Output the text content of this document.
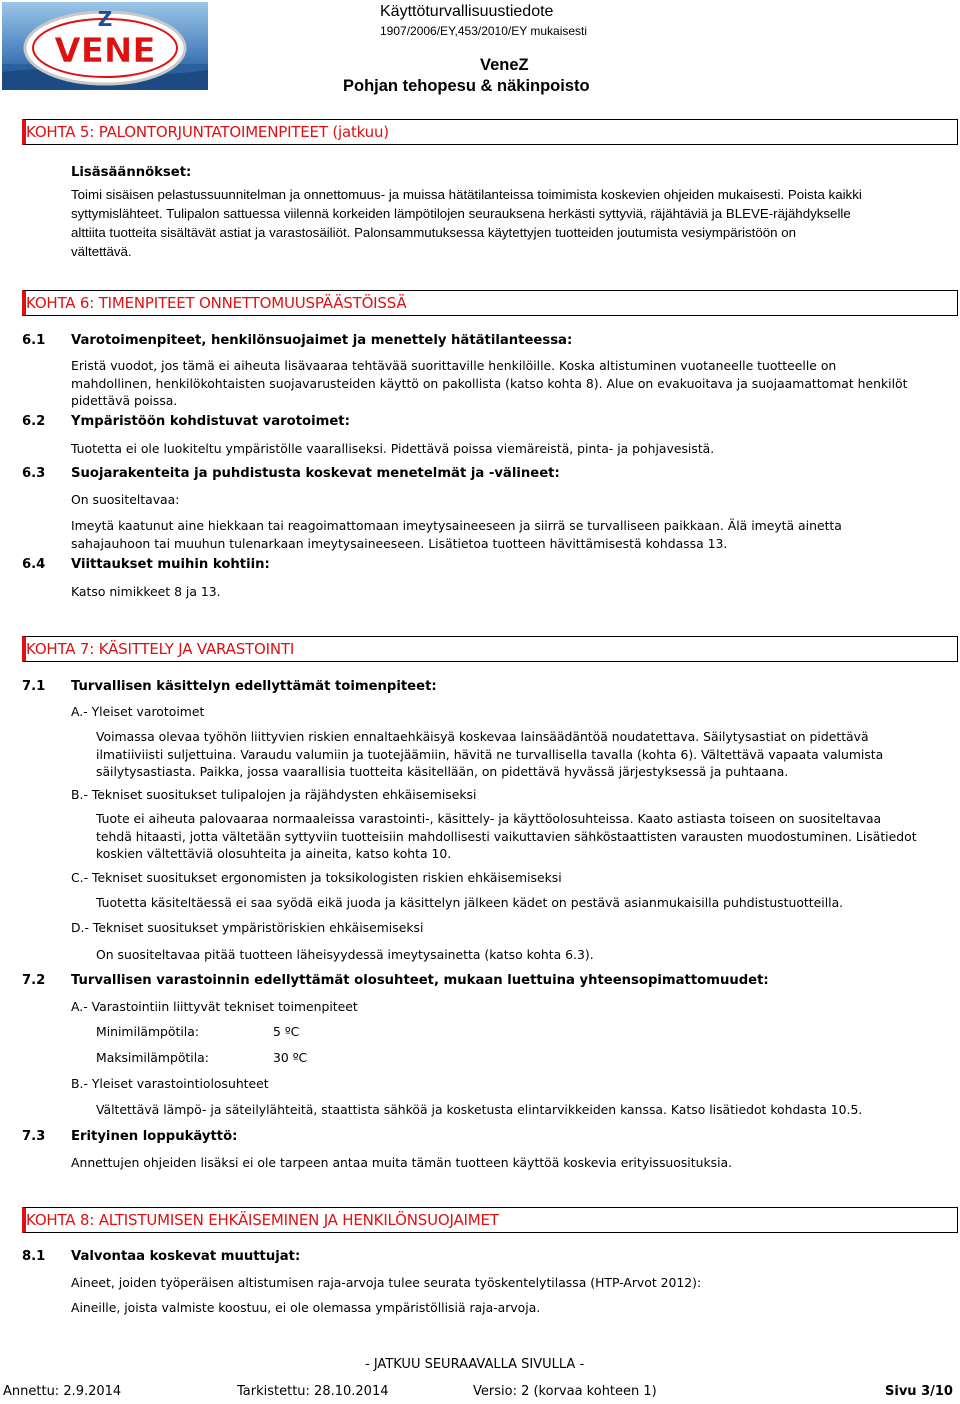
Z
VENE
Käyttöturvallisuustiedote
1907/2006/EY,453/2010/EY mukaisesti
VeneZ
Pohjan tehopesu & näkinpoisto
KOHTA 5: PALONTORJUNTATOIMENPITEET (jatkuu)
Lisäsäännökset:
Toimi sisäisen pelastussuunnitelman ja onnettomuus- ja muissa hätätilanteissa toimimista koskevien ohjeiden mukaisesti. Poista kaikki
syttymislähteet. Tulipalon sattuessa viilennä korkeiden lämpötilojen seurauksena herkästi syttyviä, räjähtäviä ja BLEVE-räjähdykselle
alttiita tuotteita sisältävät astiat ja varastosäiliöt. Palonsammutuksessa käytettyjen tuotteiden joutumista vesiympäristöön on
vältettävä.
KOHTA 6: TIMENPITEET ONNETTOMUUSPÄÄSTÖISSÄ
6.1	Varotoimenpiteet, henkilönsuojaimet ja menettely hätätilanteessa:
Eristä vuodot, jos tämä ei aiheuta lisävaaraa tehtävää suorittaville henkilöille. Koska altistuminen vuotaneelle tuotteelle on
mahdollinen, henkilökohtaisten suojavarusteiden käyttö on pakollista (katso kohta 8). Alue on evakuoitava ja suojaamattomat henkilöt
pidettävä poissa.
6.2	Ympäristöön kohdistuvat varotoimet:
Tuotetta ei ole luokiteltu ympäristölle vaaralliseksi. Pidettävä poissa viemäreistä, pinta- ja pohjavesistä.
6.3	Suojarakenteita ja puhdistusta koskevat menetelmät ja -välineet:
On suositeltavaa:
Imeytä kaatunut aine hiekkaan tai reagoimattomaan imeytysaineeseen ja siirrä se turvalliseen paikkaan. Älä imeytä ainetta
sahajauhoon tai muuhun tulenarkaan imeytysaineeseen. Lisätietoa tuotteen hävittämisestä kohdassa 13.
6.4	Viittaukset muihin kohtiin:
Katso nimikkeet 8 ja 13.
KOHTA 7: KÄSITTELY JA VARASTOINTI
7.1	Turvallisen käsittelyn edellyttämät toimenpiteet:
A.- Yleiset varotoimet
Voimassa olevaa työhön liittyvien riskien ennaltaehkäisyä koskevaa lainsäädäntöä noudatettava. Säilytysastiat on pidettävä
ilmatiiviisti suljettuina. Varaudu valumiin ja tuotejäämiin, hävitä ne turvallisella tavalla (kohta 6). Vältettävä vapaata valumista
säilytysastiasta. Paikka, jossa vaarallisia tuotteita käsitellään, on pidettävä hyvässä järjestyksessä ja puhtaana.
B.- Tekniset suositukset tulipalojen ja räjähdysten ehkäisemiseksi
Tuote ei aiheuta palovaaraa normaaleissa varastointi-, käsittely- ja käyttöolosuhteissa. Kaato astiasta toiseen on suositeltavaa
tehdä hitaasti, jotta vältetään syttyviin tuotteisiin mahdollisesti vaikuttavien sähköstaattisten varausten muodostuminen. Lisätiedot
koskien vältettäviä olosuhteita ja aineita, katso kohta 10.
C.- Tekniset suositukset ergonomisten ja toksikologisten riskien ehkäisemiseksi
Tuotetta käsiteltäessä ei saa syödä eikä juoda ja käsittelyn jälkeen kädet on pestävä asianmukaisilla puhdistustuotteilla.
D.- Tekniset suositukset ympäristöriskien ehkäisemiseksi
On suositeltavaa pitää tuotteen läheisyydessä imeytysainetta (katso kohta 6.3).
7.2	Turvallisen varastoinnin edellyttämät olosuhteet, mukaan luettuina yhteensopimattomuudet:
A.- Varastointiin liittyvät tekniset toimenpiteet
Minimilämpötila:	5 ºC
Maksimilämpötila:	30 ºC
B.- Yleiset varastointiolosuhteet
Vältettävä lämpö- ja säteilylähteitä, staattista sähköä ja kosketusta elintarvikkeiden kanssa. Katso lisätiedot kohdasta 10.5.
7.3	Erityinen loppukäyttö:
Annettujen ohjeiden lisäksi ei ole tarpeen antaa muita tämän tuotteen käyttöä koskevia erityissuosituksia.
KOHTA 8: ALTISTUMISEN EHKÄISEMINEN JA HENKILÖNSUOJAIMET
8.1	Valvontaa koskevat muuttujat:
Aineet, joiden työperäisen altistumisen raja-arvoja tulee seurata työskentelytilassa (HTP-Arvot 2012):
Aineille, joista valmiste koostuu, ei ole olemassa ympäristöllisiä raja-arvoja.
- JATKUU SEURAAVALLA SIVULLA -
Annettu: 2.9.2014	Tarkistettu: 28.10.2014	Versio: 2 (korvaa kohteen 1)	Sivu 3/10
